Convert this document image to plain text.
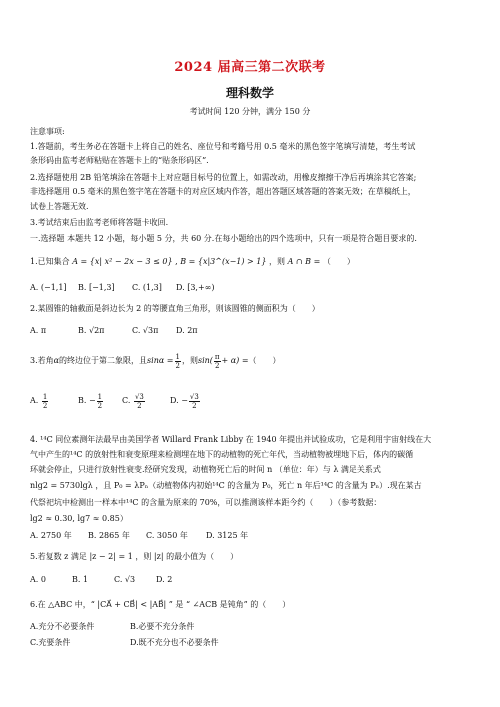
2024 届高三第二次联考
理科数学
考试时间 120 分钟，满分 150 分
注意事项:
1.答题前，考生务必在答题卡上将自己的姓名、座位号和考籍号用 0.5 毫米的黑色签字笔填写清楚，考生考试
条形码由监考老师粘贴在答题卡上的“贴条形码区”.
2.选择题使用 2B 铅笔填涂在答题卡上对应题目标号的位置上，如需改动，用橡皮擦擦干净后再填涂其它答案;
非选择题用 0.5 毫米的黑色签字笔在答题卡的对应区域内作答，超出答题区域答题的答案无效；在草稿纸上，
试卷上答题无效.
3.考试结束后由监考老师将答题卡收回.
一.选择题 本题共 12 小题，每小题 5 分，共 60 分.在每小题给出的四个选项中，只有一项是符合题目要求的.
1.已知集合 A = {x| x² − 2x − 3 ≤ 0} , B = {x|3^(x−1) > 1} ，则 A ∩ B = （　　）
A. (−1,1] B. [−1,3] C. (1,3] D. [3,+∞)
2.某圆锥的轴截面是斜边长为 2 的等腰直角三角形，则该圆锥的侧面积为（　　）
A. π	B. √2π	C. √3π D. 2π
3.若角α的终边位于第二象限，且$\sin\alpha = \frac{1}{2}$ ，则$\sin( \frac{\pi}{2} + \alpha)$ =（　　）
A. $\frac{1}{2}$	B. − $\frac{1}{2} C$. $\frac{√3}{2}$	D. − $\frac{√3}{2}$
4. ¹⁴C 同位素测年法最早由美国学者 Willard Frank Libby 在 1940 年提出并试验成功，它是利用宇宙射线在大
气中产生的¹⁴C 的放射性和衰变原理来检测埋在地下的动植物的死亡年代，当动植物被埋地下后，体内的碳循
环就会停止，只进行放射性衰变.经研究发现，动植物死亡后的时间 n （单位：年）与 λ 满足关系式
nlg2 = 5730lgλ ，且 P₀ = λPₙ（动植物体内初始¹⁴C 的含量为 P₀，死亡 n 年后¹⁴C 的含量为 Pₙ）.现在某古
代祭祀坑中检测出一样本中¹⁴C 的含量为原来的 70%，可以推测该样本距今约（　　）（参考数据：
lg2 ≈ 0.30, lg7 ≈ 0.85）
A. 2750 年 B. 2865 年 C. 3050 年 D. 3125 年
5.若复数 z 满足 |z − 2| = 1 ，则 |z| 的最小值为（　　）
A. 0	B. 1	C. √3	D. 2
6.在 △ABC 中，“ |CA⃗ + CB⃗| < |AB⃗| ” 是 “ ∠ACB 是钝角” 的（　　）
A.充分不必要条件	B.必要不充分条件
C.充要条件	D.既不充分也不必要条件
